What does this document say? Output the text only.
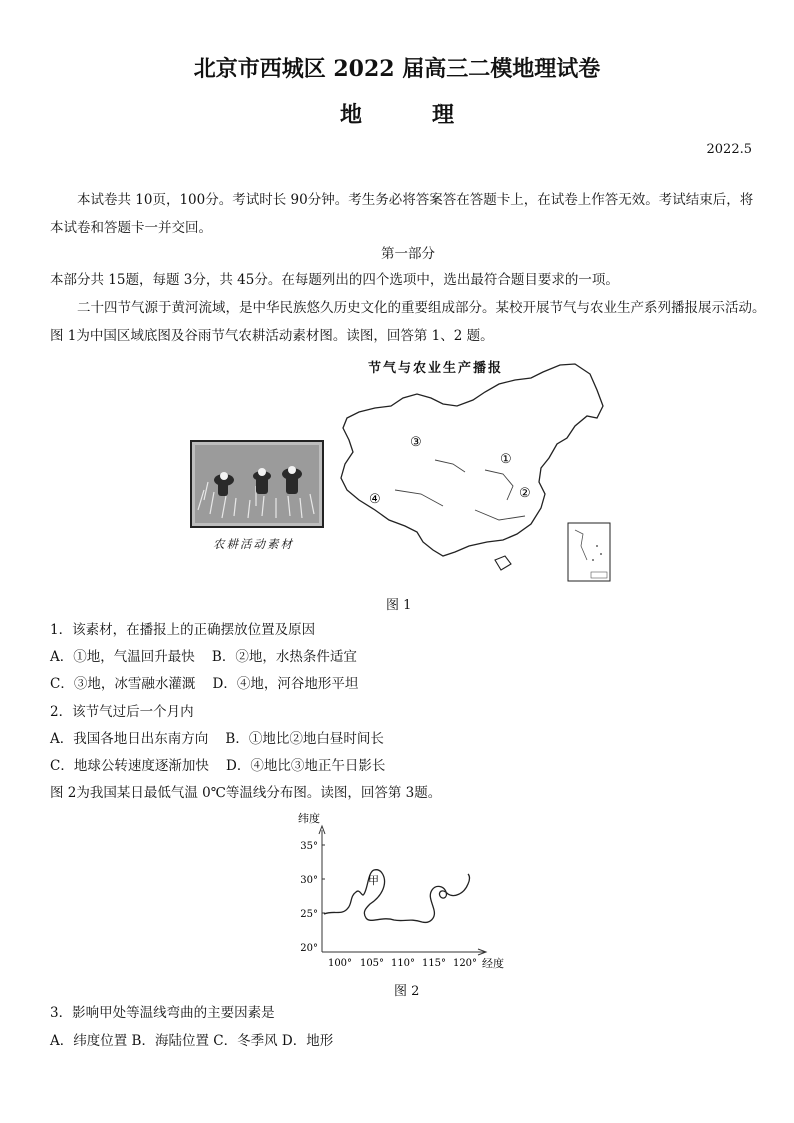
北京市西城区 2022 届高三二模地理试卷
地	理
2022.5
本试卷共 10页，100分。考试时长 90分钟。考生务必将答案答在答题卡上，在试卷上作答无效。考试结束后，将本试卷和答题卡一并交回。
第一部分
本部分共 15题，每题 3分，共 45分。在每题列出的四个选项中，选出最符合题目要求的一项。
二十四节气源于黄河流域，是中华民族悠久历史文化的重要组成部分。某校开展节气与农业生产系列播报展示活动。图 1为中国区域底图及谷雨节气农耕活动素材图。读图，回答第 1、2 题。
节气与农业生产播报
农耕活动素材
③
①
②
④
图 1
1．该素材，在播报上的正确摆放位置及原因
A．①地，气温回升最快    B．②地，水热条件适宜
C．③地，冰雪融水灌溉    D．④地，河谷地形平坦
2．该节气过后一个月内
A．我国各地日出东南方向    B．①地比②地白昼时间长
C．地球公转速度逐渐加快    D．④地比③地正午日影长
图 2为我国某日最低气温 0℃等温线分布图。读图，回答第 3题。
纬度
35°
30°
25°
20°
100° 105° 110° 115° 120° 经度
甲
图 2
3．影响甲处等温线弯曲的主要因素是
A．纬度位置 B．海陆位置 C．冬季风 D．地形
